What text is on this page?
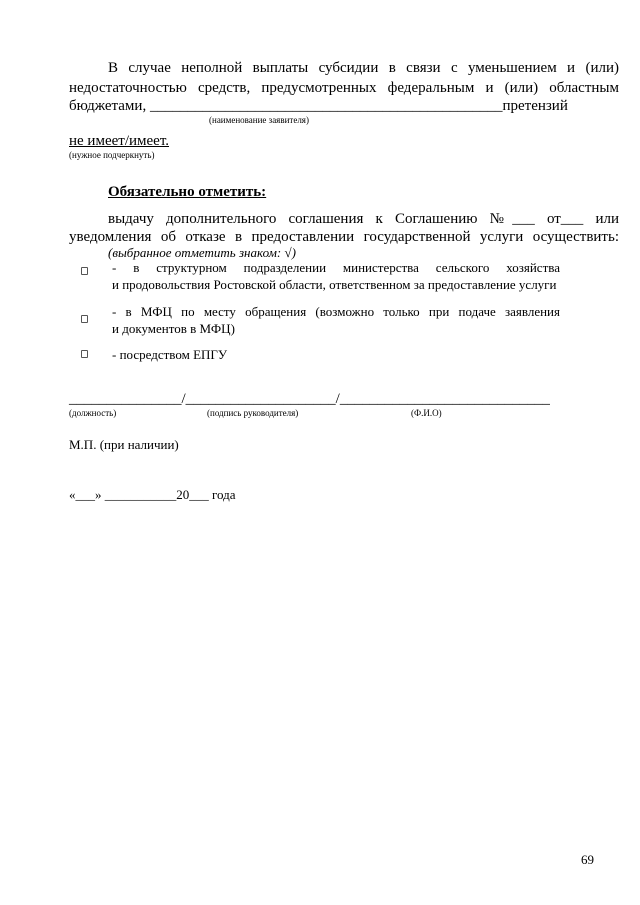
В случае неполной выплаты субсидии в связи с уменьшением и (или)
недостаточностью средств, предусмотренных федеральным и (или) областным
бюджетами, _______________________________________________претензий
(наименование заявителя)
не имеет/имеет.
(нужное подчеркнуть)
Обязательно отметить:
выдачу дополнительного соглашения к Соглашению №___ от___ или
уведомления об отказе в предоставлении государственной услуги осуществить:
(выбранное отметить знаком: √)
- в структурном подразделении министерства сельского хозяйства
и продовольствия Ростовской области, ответственном за предоставление услуги
- в МФЦ по месту обращения (возможно только при подаче заявления
и документов в МФЦ)
- посредством ЕПГУ
_______________/____________________/____________________________
(должность)	(подпись руководителя)	(Ф.И.О)
М.П. (при наличии)
«___» ___________20___ года
69
